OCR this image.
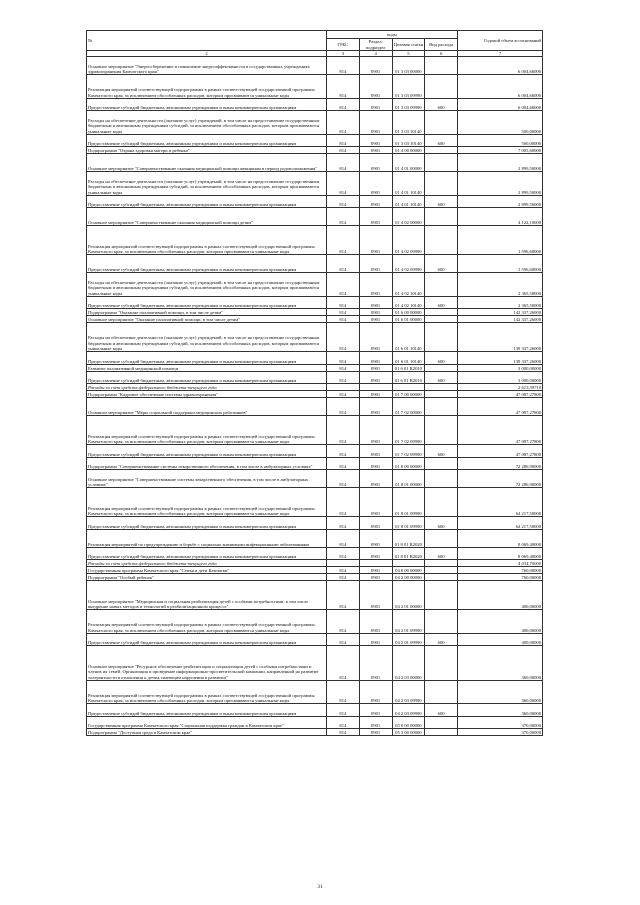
№	коды				Годовой объем ассигнований
	ГРБС	Раздел, подраздел	Целевая статья	Вид расхода	
2	3	4	5	6	7
Основное мероприятие "Энергосбережение и повышение энергоэффективности в государственных учреждениях здравоохранения Камчатского края"	814	0901	01 3 03 00000		6 004,66000
Реализация мероприятий соответствующей подпрограммы в рамках соответствующей государственной программы Камчатского края, за исключением обособленных расходов, которым присваиваются уникальные коды	814	0901	01 3 03 09990		6 004,66000
Предоставление субсидий бюджетным, автономным учреждениям и иным некоммерческим организациям	814	0901	01 3 03 09990	600	6 004,66000
Расходы на обеспечение деятельности (оказание услуг) учреждений, в том числе на предоставление государственным бюджетным и автономным учреждениям субсидий, за исключением обособленных расходов, которым присваиваются уникальные коды	814	0901	01 3 03 10140		500,00000
Предоставление субсидий бюджетным, автономным учреждениям и иным некоммерческим организациям	814	0901	01 3 03 10140	600	500,00000
Подпрограмма "Охрана здоровья матери и ребенка"	814	0901	01 4 00 00000		7 005,60000
Основное мероприятие "Совершенствование оказания медицинской помощи женщинам в период родовспоможения"	814	0901	01 4 01 00000		2 899,50000
Расходы на обеспечение деятельности (оказание услуг) учреждений, в том числе на предоставление государственным бюджетным и автономным учреждениям субсидий, за исключением обособленных расходов, которым присваиваются уникальные коды	814	0901	01 4 01 10140		2 899,50000
Предоставление субсидий бюджетным, автономным учреждениям и иным некоммерческим организациям	814	0901	01 4 01 10140	600	2 899,50000
Основное мероприятие "Совершенствование оказания медицинской помощи детям"	814	0901	01 4 02 00000		4 122,10000
Реализация мероприятий соответствующей подпрограммы в рамках соответствующей государственной программы Камчатского края, за исключением обособленных расходов, которым присваиваются уникальные коды	814	0901	01 4 02 09990		1 596,60000
Предоставление субсидий бюджетным, автономным учреждениям и иным некоммерческим организациям	814	0901	01 4 02 09990	600	1 596,60000
Расходы на обеспечение деятельности (оказание услуг) учреждений, в том числе на предоставление государственным бюджетным и автономным учреждениям субсидий, за исключением обособленных расходов, которым присваиваются уникальные коды	814	0901	01 4 02 10140		2 365,50000
Предоставление субсидий бюджетным, автономным учреждениям и иным некоммерческим организациям	814	0901	01 4 02 10140	600	2 365,50000
Подпрограмма "Оказание паллиативной помощи, в том числе детям"	814	0901	01 6 00 00000		142 337,26000
Основное мероприятие "Оказание паллиативной помощи, в том числе детям"	814	0901	01 6 01 00000		142 337,26000
Расходы на обеспечение деятельности (оказание услуг) учреждений, в том числе на предоставление государственным бюджетным и автономным учреждениям субсидий, за исключением обособленных расходов, которым присваиваются уникальные коды	814	0901	01 6 01 10140		139 337,26000
Предоставление субсидий бюджетным, автономным учреждениям и иным некоммерческим организациям	814	0901	01 6 01 10140	600	139 337,26000
Развитие паллиативной медицинской помощи	814	0901	01 6 01 R2010		3 000,00000
Предоставление субсидий бюджетным, автономным учреждениям и иным некоммерческим организациям	814	0901	01 6 01 R2010	600	3 000,00000
Расходы за счет средств федерального бюджета текущего года					2 613,39710
Подпрограмма "Кадровое обеспечение системы здравоохранения"	814	0901	01 7 00 00000		47 087,27800
Основное мероприятие "Меры социальной поддержки медицинских работников"	814	0901	01 7 02 00000		47 087,27800
Реализация мероприятий соответствующей подпрограммы в рамках соответствующей государственной программы Камчатского края, за исключением обособленных расходов, которым присваиваются уникальные коды	814	0901	01 7 02 09990		47 087,27800
Предоставление субсидий бюджетным, автономным учреждениям и иным некоммерческим организациям	814	0901	01 7 02 09990	600	47 087,27800
Подпрограмма "Совершенствование системы лекарственного обеспечения, в том числе в амбулаторных условиях"	814	0901	01 8 00 00000		72 286,90000
Основное мероприятие "Совершенствование системы лекарственного обеспечения, в том числе в амбулаторных условиях"	814	0901	01 8 01 00000		72 286,90000
Реализация мероприятий соответствующей подпрограммы в рамках соответствующей государственной программы Камчатского края, за исключением обособленных расходов, которым присваиваются уникальные коды	814	0901	01 8 01 09990		64 217,50000
Предоставление субсидий бюджетным, автономным учреждениям и иным некоммерческим организациям	814	0901	01 8 01 09990	600	64 217,50000
Реализация мероприятий по предупреждению и борьбе с социально значимыми инфекционными заболеваниями	814	0901	01 8 01 R2020		8 069,40000
Предоставление субсидий бюджетным, автономным учреждениям и иным некоммерческим организациям	814	0901	01 8 01 R2020	600	8 069,40000
Расходы за счет средств федерального бюджета текущего года					4 034,70000
Государственная программа Камчатского края "Семья и дети Камчатки"	814	0901	04 0 00 00000		760,00000
Подпрограмма "Особый ребенок"	814	0901	04 2 00 00000		760,00000
Основное мероприятие "Медицинская и социальная реабилитация детей с особыми потребностями, в том числе внедрение новых методов и технологий в реабилитационном процессе"	814	0901	04 2 01 00000		400,00000
Реализация мероприятий соответствующей подпрограммы в рамках соответствующей государственной программы Камчатского края, за исключением обособленных расходов, которым присваиваются уникальные коды	814	0901	04 2 01 09990		400,00000
Предоставление субсидий бюджетным, автономным учреждениям и иным некоммерческим организациям	814	0901	04 2 01 09990	600	400,00000
Основное мероприятие "Ресурсное обеспечение реабилитации и социализации детей с особыми потребностями и членов их семей. Организация и проведение информационно-просветительской кампании, направленной на развитие толерантности в отношении к детям, имеющим нарушения в развитии"	814	0901	04 2 03 00000		360,00000
Реализация мероприятий соответствующей подпрограммы в рамках соответствующей государственной программы Камчатского края, за исключением обособленных расходов, которым присваиваются уникальные коды	814	0901	04 2 03 09990		360,00000
Предоставление субсидий бюджетным, автономным учреждениям и иным некоммерческим организациям	814	0901	04 2 03 09990	600	360,00000
Государственная программа Камчатского края "Социальная поддержка граждан в Камчатском крае"	814	0901	05 0 00 00000		370,00000
Подпрограмма "Доступная среда в Камчатском крае"	814	0901	05 3 00 00000		370,00000
31
